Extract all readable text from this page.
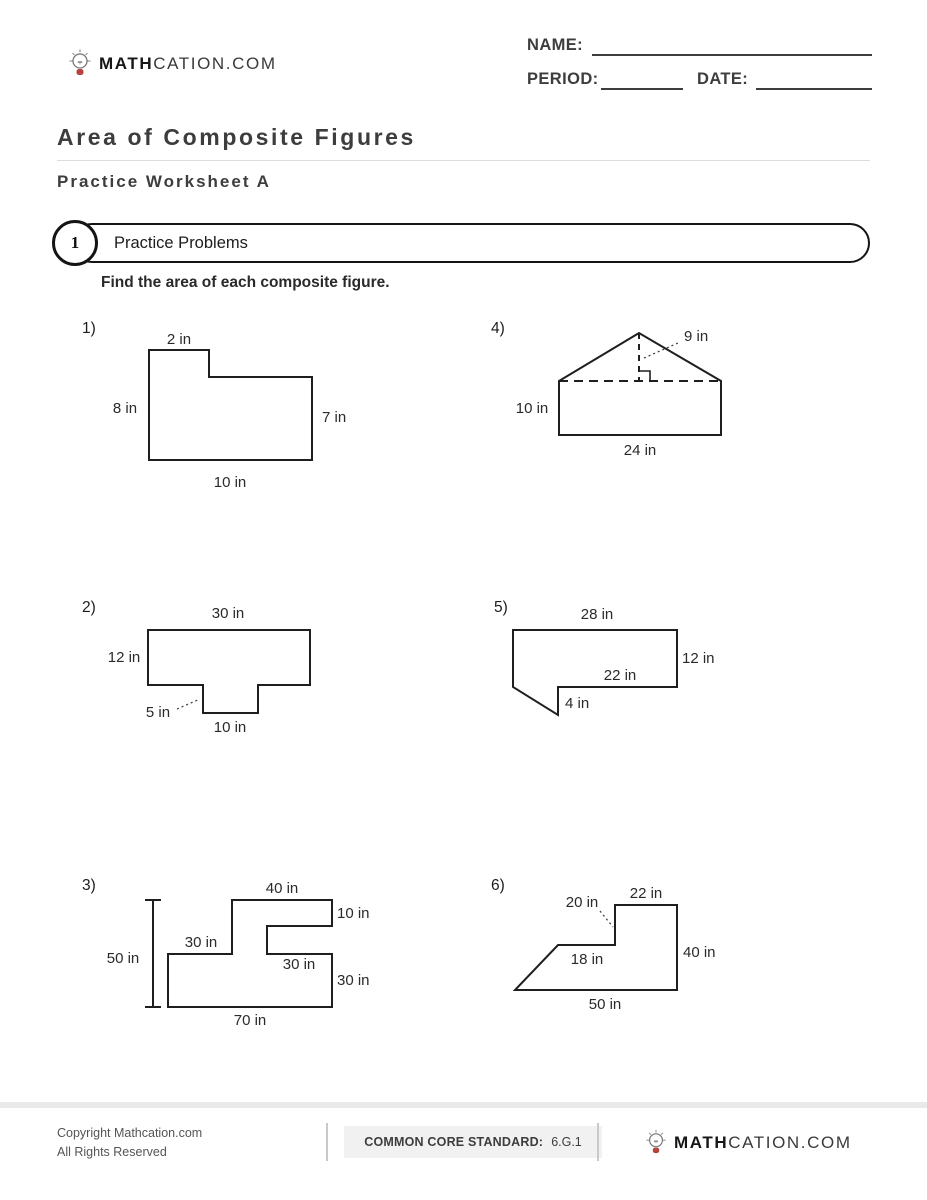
MATHCATION.COM
NAME:
PERIOD:	DATE:
Area of Composite Figures
Practice Worksheet A
Practice Problems
1
Find the area of each composite figure.
1)	4)
2)	5)
3)	6)
2 in
8 in
7 in
10 in
9 in
10 in
24 in
30 in
12 in
5 in
10 in
28 in
12 in
22 in
4 in
50 in
40 in
10 in
30 in
30 in
30 in
70 in
22 in
20 in
40 in
18 in
50 in
Copyright Mathcation.com
All Rights Reserved
COMMON CORE STANDARD: 6.G.1	MATHCATION.COM
